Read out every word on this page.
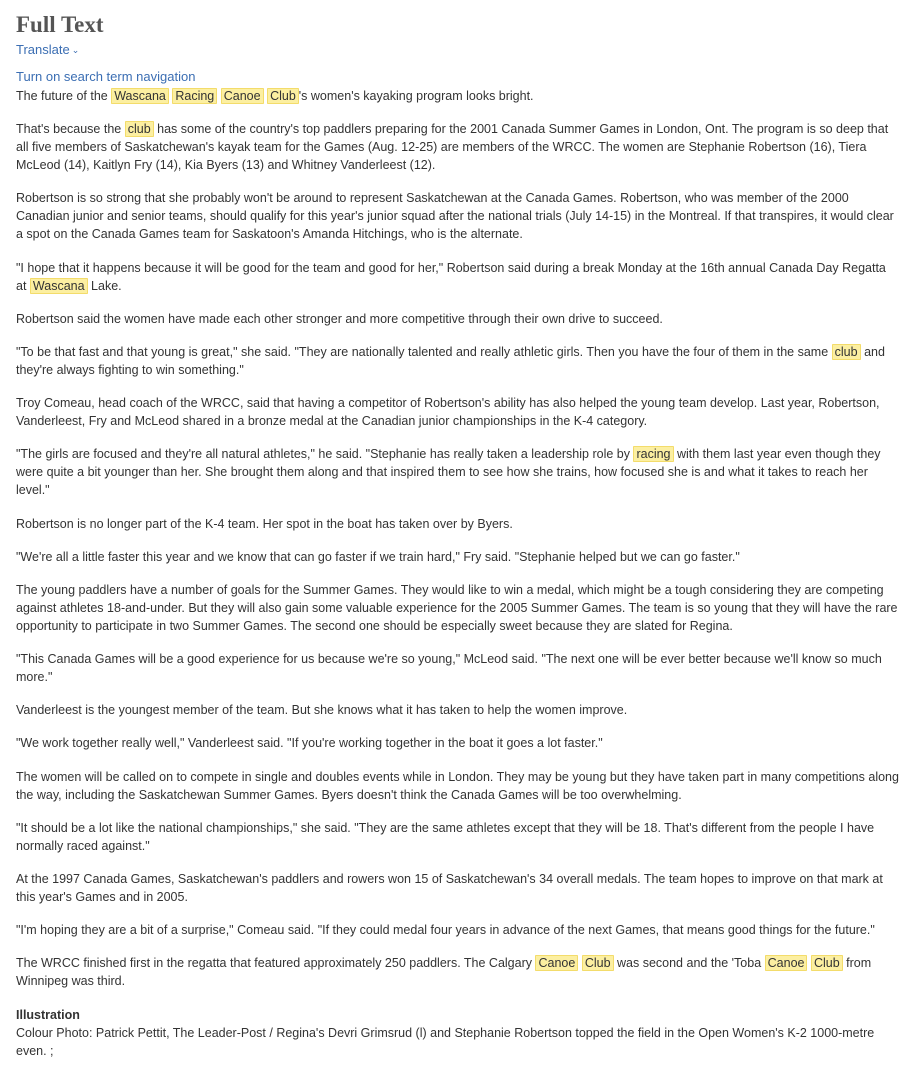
Full Text
Translate ⌄
Turn on search term navigation

The future of the Wascana Racing Canoe Club 's women's kayaking program looks bright.

That's because the club has some of the country's top paddlers preparing for the 2001 Canada Summer Games in London, Ont. The program is so deep that all five members of Saskatchewan's kayak team for the Games (Aug. 12-25) are members of the WRCC. The women are Stephanie Robertson (16), Tiera McLeod (14), Kaitlyn Fry (14), Kia Byers (13) and Whitney Vanderleest (12).

Robertson is so strong that she probably won't be around to represent Saskatchewan at the Canada Games. Robertson, who was member of the 2000 Canadian junior and senior teams, should qualify for this year's junior squad after the national trials (July 14-15) in the Montreal. If that transpires, it would clear a spot on the Canada Games team for Saskatoon's Amanda Hitchings, who is the alternate.

"I hope that it happens because it will be good for the team and good for her," Robertson said during a break Monday at the 16th annual Canada Day Regatta at Wascana Lake.

Robertson said the women have made each other stronger and more competitive through their own drive to succeed.

"To be that fast and that young is great," she said. "They are nationally talented and really athletic girls. Then you have the four of them in the same club and they're always fighting to win something."

Troy Comeau, head coach of the WRCC, said that having a competitor of Robertson's ability has also helped the young team develop. Last year, Robertson, Vanderleest, Fry and McLeod shared in a bronze medal at the Canadian junior championships in the K-4 category.

"The girls are focused and they're all natural athletes," he said. "Stephanie has really taken a leadership role by racing with them last year even though they were quite a bit younger than her. She brought them along and that inspired them to see how she trains, how focused she is and what it takes to reach her level."

Robertson is no longer part of the K-4 team. Her spot in the boat has taken over by Byers.

"We're all a little faster this year and we know that can go faster if we train hard," Fry said. "Stephanie helped but we can go faster."

The young paddlers have a number of goals for the Summer Games. They would like to win a medal, which might be a tough considering they are competing against athletes 18-and-under. But they will also gain some valuable experience for the 2005 Summer Games. The team is so young that they will have the rare opportunity to participate in two Summer Games. The second one should be especially sweet because they are slated for Regina.

"This Canada Games will be a good experience for us because we're so young," McLeod said. "The next one will be ever better because we'll know so much more."

Vanderleest is the youngest member of the team. But she knows what it has taken to help the women improve.

"We work together really well," Vanderleest said. "If you're working together in the boat it goes a lot faster."

The women will be called on to compete in single and doubles events while in London. They may be young but they have taken part in many competitions along the way, including the Saskatchewan Summer Games. Byers doesn't think the Canada Games will be too overwhelming.

"It should be a lot like the national championships," she said. "They are the same athletes except that they will be 18. That's different from the people I have normally raced against."

At the 1997 Canada Games, Saskatchewan's paddlers and rowers won 15 of Saskatchewan's 34 overall medals. The team hopes to improve on that mark at this year's Games and in 2005.

"I'm hoping they are a bit of a surprise," Comeau said. "If they could medal four years in advance of the next Games, that means good things for the future."

The WRCC finished first in the regatta that featured approximately 250 paddlers. The Calgary Canoe Club was second and the 'Toba Canoe Club from Winnipeg was third.

Illustration
Colour Photo: Patrick Pettit, The Leader-Post / Regina's Devri Grimsrud (l) and Stephanie Robertson topped the field in the Open Women's K-2 1000-metre even. ;
